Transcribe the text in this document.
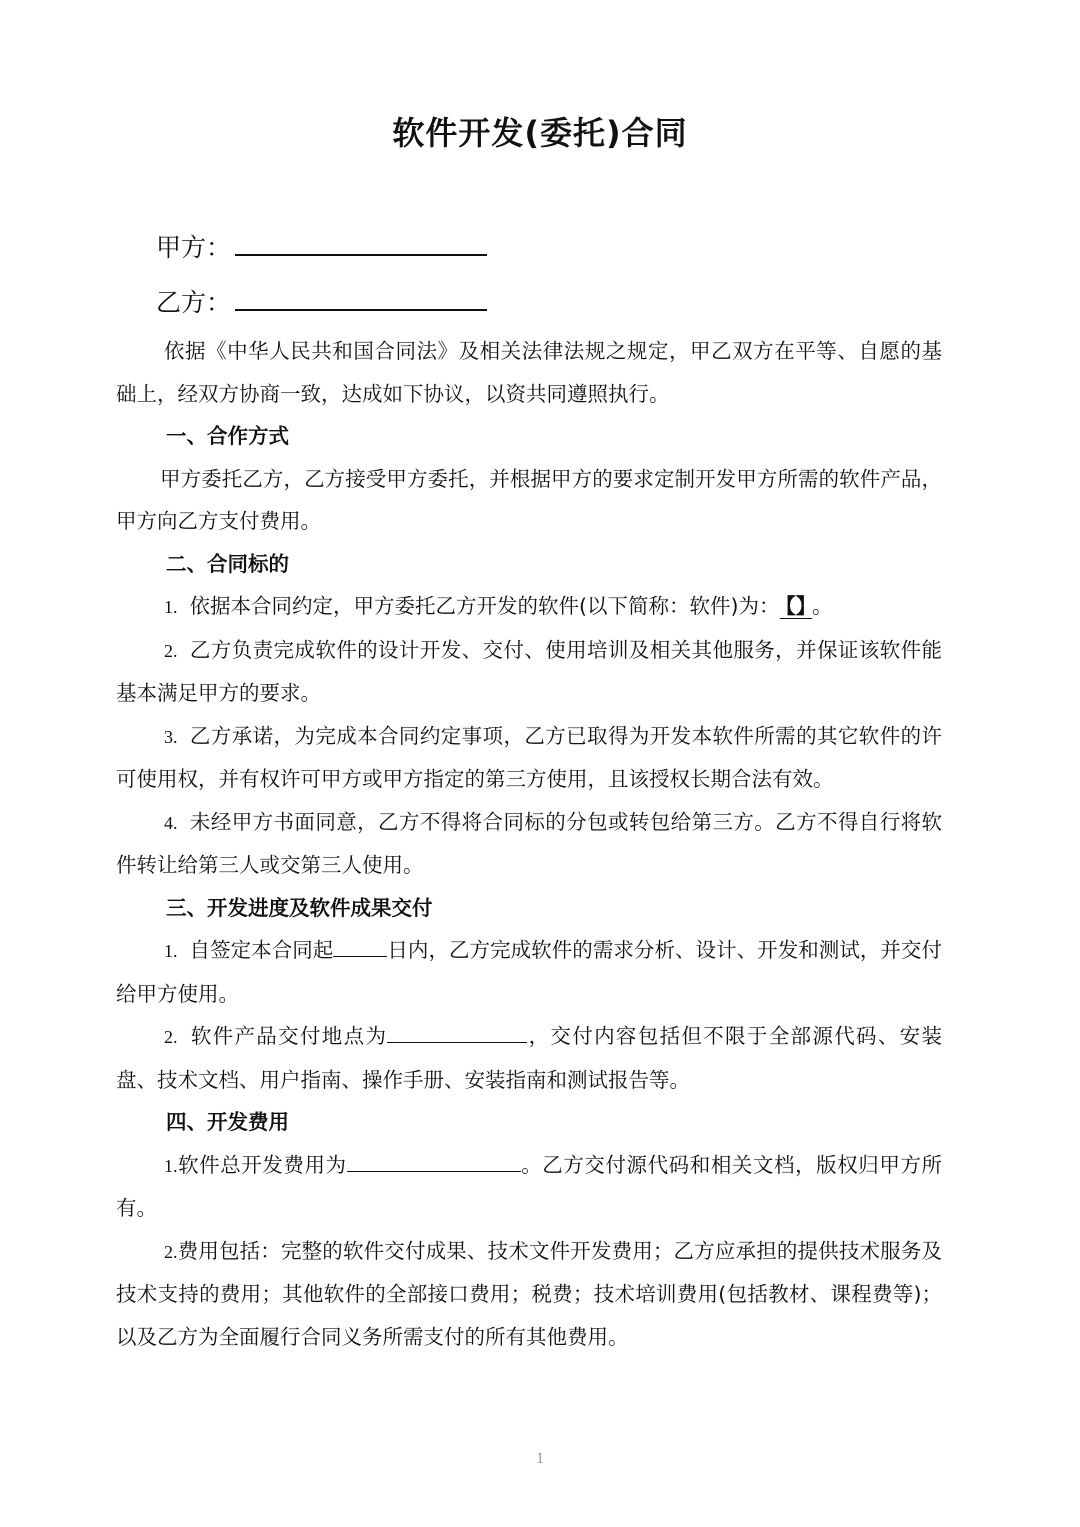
软件开发(委托)合同
甲方：
乙方：

依据《中华人民共和国合同法》及相关法律法规之规定，甲乙双方在平等、自愿的基础上，经双方协商一致，达成如下协议，以资共同遵照执行。

一、合作方式

甲方委托乙方，乙方接受甲方委托，并根据甲方的要求定制开发甲方所需的软件产品，甲方向乙方支付费用。

二、合同标的

1. 依据本合同约定，甲方委托乙方开发的软件(以下简称：软件)为： 【】 。

2. 乙方负责完成软件的设计开发、交付、使用培训及相关其他服务，并保证该软件能基本满足甲方的要求。

3. 乙方承诺，为完成本合同约定事项，乙方已取得为开发本软件所需的其它软件的许可使用权，并有权许可甲方或甲方指定的第三方使用，且该授权长期合法有效。

4. 未经甲方书面同意，乙方不得将合同标的分包或转包给第三方。乙方不得自行将软件转让给第三人或交第三人使用。

三、开发进度及软件成果交付

1. 自签定本合同起	日内，乙方完成软件的需求分析、设计、开发和测试，并交付给甲方使用。

2. 软件产品交付地点为	，交付内容包括但不限于全部源代码、安装盘、技术文档、用户指南、操作手册、安装指南和测试报告等。

四、开发费用

1.软件总开发费用为	。乙方交付源代码和相关文档，版权归甲方所有。

2.费用包括：完整的软件交付成果、技术文件开发费用；乙方应承担的提供技术服务及技术支持的费用；其他软件的全部接口费用；税费；技术培训费用(包括教材、课程费等)；以及乙方为全面履行合同义务所需支付的所有其他费用。

1
